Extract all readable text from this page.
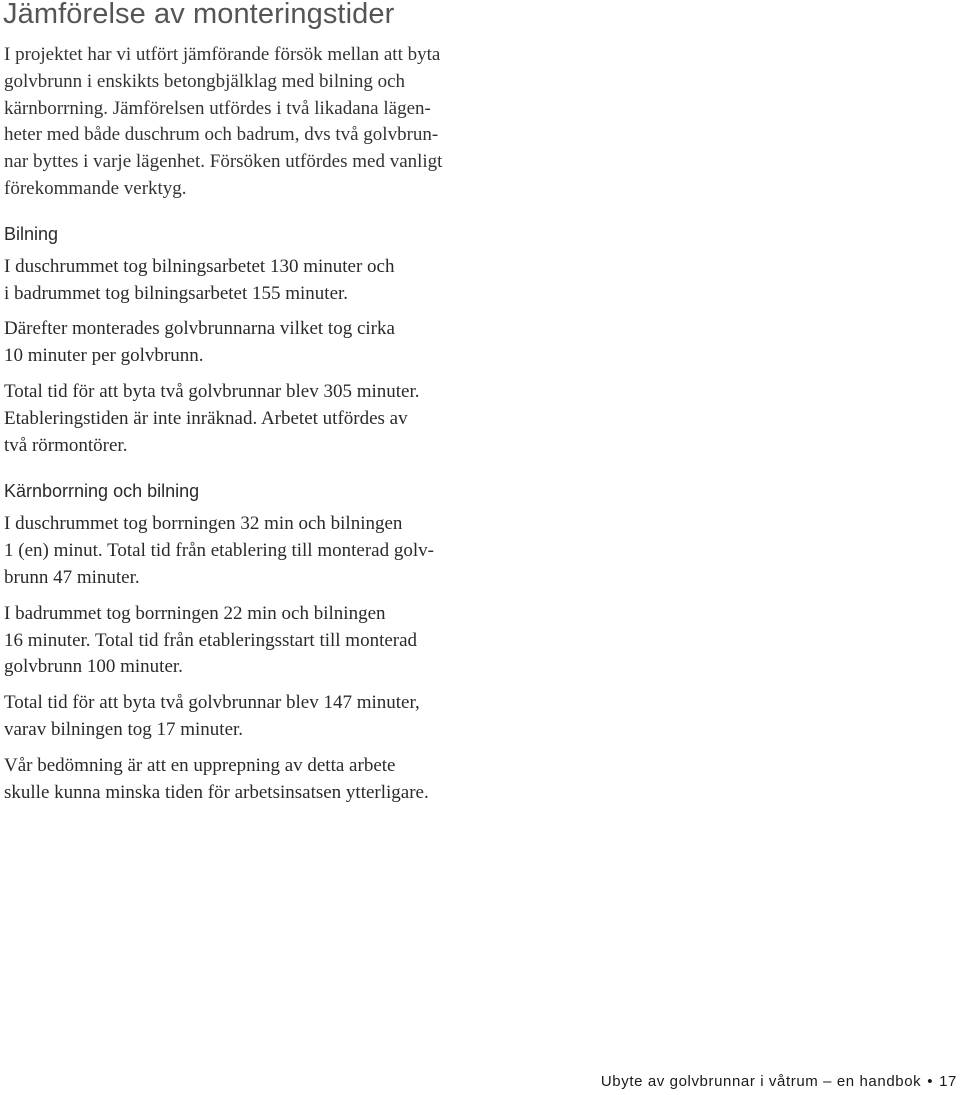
Jämförelse av monteringstider

I projektet har vi utfört jämförande försök mellan att byta
golvbrunn i enskikts betongbjälklag med bilning och
kärnborrning. Jämförelsen utfördes i två likadana lägen-
heter med både duschrum och badrum, dvs två golvbrun-
nar byttes i varje lägenhet. Försöken utfördes med vanligt
förekommande verktyg.

Bilning

I duschrummet tog bilningsarbetet 130 minuter och
i badrummet tog bilningsarbetet 155 minuter.

Därefter monterades golvbrunnarna vilket tog cirka
10 minuter per golvbrunn.

Total tid för att byta två golvbrunnar blev 305 minuter.
Etableringstiden är inte inräknad. Arbetet utfördes av
två rörmontörer.

Kärnborrning och bilning

I duschrummet tog borrningen 32 min och bilningen
1 (en) minut. Total tid från etablering till monterad golv-
brunn 47 minuter.

I badrummet tog borrningen 22 min och bilningen
16 minuter. Total tid från etableringsstart till monterad
golvbrunn 100 minuter.

Total tid för att byta två golvbrunnar blev 147 minuter,
varav bilningen tog 17 minuter.

Vår bedömning är att en upprepning av detta arbete
skulle kunna minska tiden för arbetsinsatsen ytterligare.

Ubyte av golvbrunnar i våtrum – en handbok • 17
